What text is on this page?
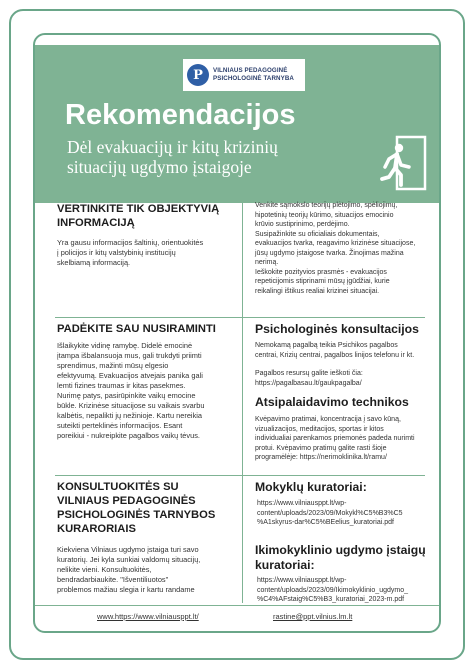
P	VILNIAUS PEDAGOGINĖ
PSICHOLOGINĖ TARNYBA
Rekomendacijos
Dėl evakuacijų ir kitų krizinių
situacijų ugdymo įstaigoje
VERTINKITE TIK OBJEKTYVIĄ
INFORMACIJĄ
Yra gausu informacijos šaltinių, orientuokitės
į policijos ir kitų valstybinių institucijų
skelbiamą informaciją.
Venkite sąmokslo teorijų plėtojimo, spėliojimų,
hipotetinių teorijų kūrimo, situacijos emocinio
krūvio sustiprinimo, perdėjimo.
Susipažinkite su oficialiais dokumentais,
evakuacijos tvarka, reagavimo krizinėse situacijose,
jūsų ugdymo įstaigose tvarka. Žinojimas mažina
nerimą.
Ieškokite pozityvios prasmės - evakuacijos
repeticijomis stiprinami mūsų įgūdžiai, kurie
reikalingi ištikus realiai krizinei situacijai.
PADĖKITE SAU NUSIRAMINTI
Išlaikykite vidinę ramybę. Didelė emocinė
įtampa išbalansuoja mus, gali trukdyti priimti
sprendimus, mažinti mūsų elgesio
efektyvumą. Evakuacijos atvejais panika gali
lemti fizines traumas ir kitas pasekmes.
Nurimę patys, pasirūpinkite vaikų emocine
būkle. Krizinėse situacijose su vaikais svarbu
kalbėtis, nepalikti jų nežinioje. Kartu nereikia
suteikti perteklinės informacijos. Esant
poreikiui - nukreipkite pagalbos vaikų tėvus.
Psichologinės konsultacijos
Nemokamą pagalbą teikia Psichikos pagalbos
centrai, Krizių centrai, pagalbos linijos telefonu ir kt.
Pagalbos resursų galite ieškoti čia:
https://pagalbasau.lt/gaukpagalba/
Atsipalaidavimo technikos
Kvėpavimo pratimai, koncentracija į savo kūną,
vizualizacijos, meditacijos, sportas ir kitos
individualiai parenkamos priemonės padeda nurimti
protui. Kvėpavimo pratimų galite rasti šioje
programėlėje: https://nerimoklinika.lt/ramu/
KONSULTUOKITĖS SU
VILNIAUS PEDAGOGINĖS
PSICHOLOGINĖS TARNYBOS
KURARORIAIS
Kiekviena Vilniaus ugdymo įstaiga turi savo
kuratorių. Jei kyla sunkiai valdomų situacijų,
nelikite vieni. Konsultuokitės,
bendradarbiaukite. "Išventiliuotos"
problemos mažiau slegia ir kartu randame
Mokyklų kuratoriai:
https://www.vilniausppt.lt/wp-
content/uploads/2023/09/Mokykl%C5%B3%C5
%A1skyrus-dar%C5%BEelius_kuratoriai.pdf
Ikimokyklinio ugdymo įstaigų
kuratoriai:
https://www.vilniausppt.lt/wp-
content/uploads/2023/09/Ikimokyklinio_ugdymo_
%C4%AFstaig%C5%B3_kuratoriai_2023-m.pdf
www.https://www.vilniausppt.lt/	rastine@ppt.vilnius.lm.lt
